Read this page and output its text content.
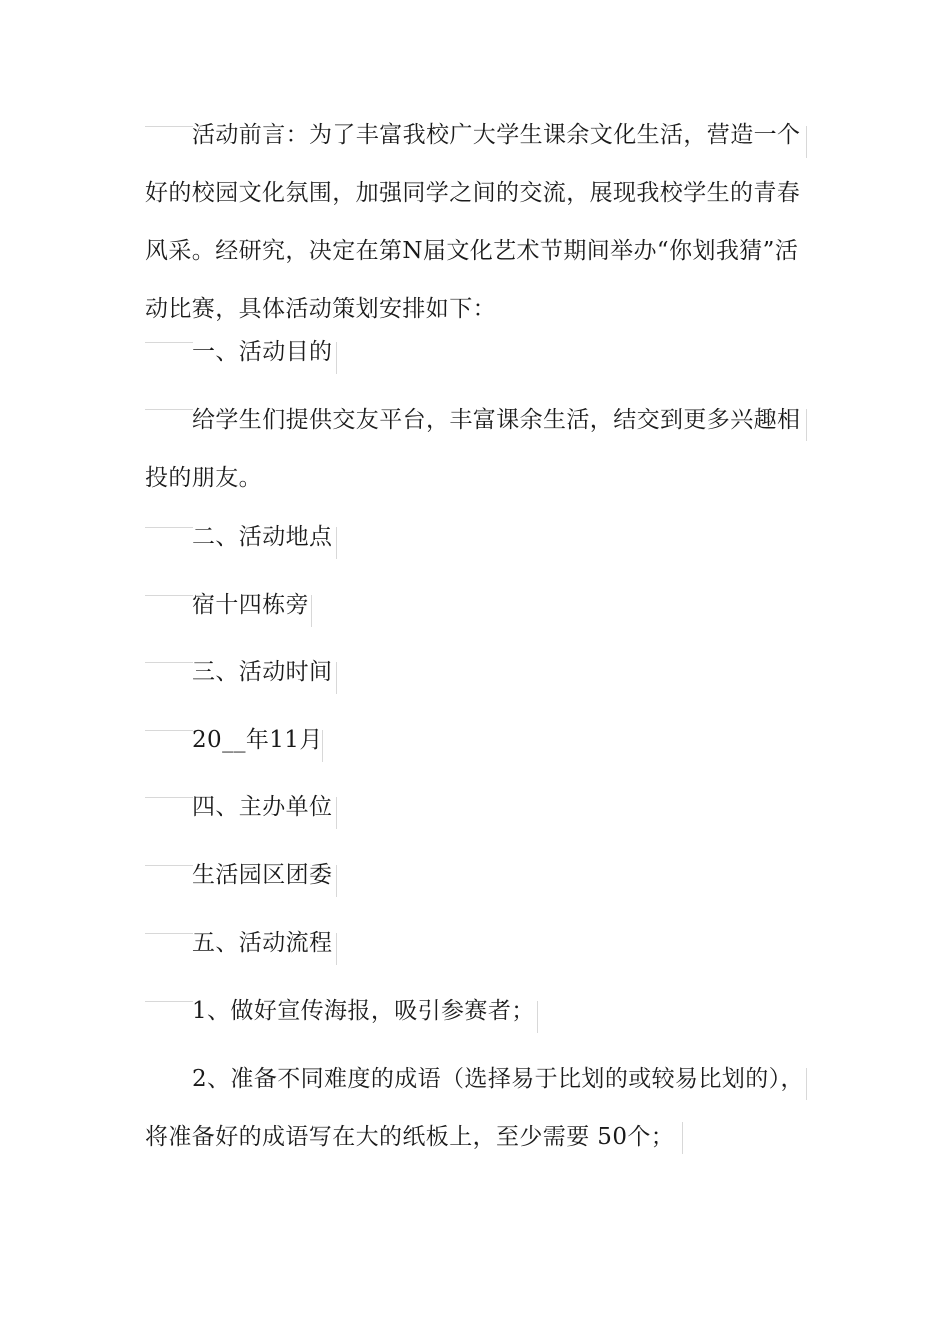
活动前言：为了丰富我校广大学生课余文化生活，营造一个好的校园文化氛围，加强同学之间的交流，展现我校学生的青春风采。经研究，决定在第N届文化艺术节期间举办“你划我猜”活动比赛，具体活动策划安排如下：
一、活动目的
给学生们提供交友平台，丰富课余生活，结交到更多兴趣相投的朋友。
二、活动地点
宿十四栋旁
三、活动时间
20__年11月
四、主办单位
生活园区团委
五、活动流程
1、做好宣传海报，吸引参赛者；
2、准备不同难度的成语（选择易于比划的或较易比划的），将准备好的成语写在大的纸板上，至少需要 50个；
